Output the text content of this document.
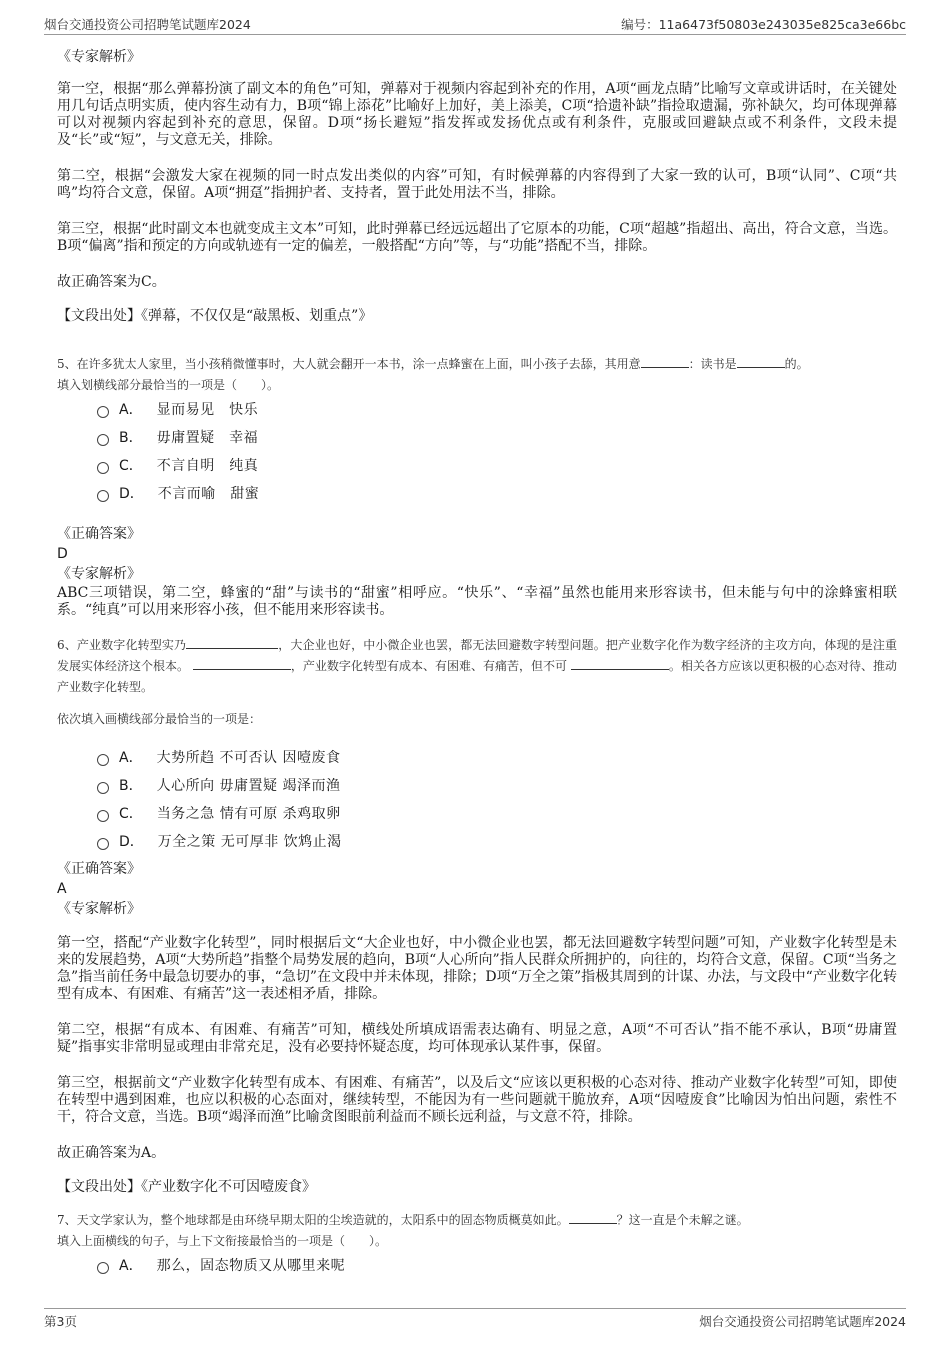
烟台交通投资公司招聘笔试题库2024	编号：11a6473f50803e243035e825ca3e66bc
《专家解析》
第一空，根据“那么弹幕扮演了副文本的角色”可知，弹幕对于视频内容起到补充的作用，A项“画龙点睛”比喻写文章或讲话时，在关键处用几句话点明实质，使内容生动有力，B项“锦上添花”比喻好上加好，美上添美，C项“拾遗补缺”指捡取遗漏，弥补缺欠，均可体现弹幕可以对视频内容起到补充的意思，保留。D项“扬长避短”指发挥或发扬优点或有利条件，克服或回避缺点或不利条件，文段未提及“长”或“短”，与文意无关，排除。
第二空，根据“会激发大家在视频的同一时点发出类似的内容”可知，有时候弹幕的内容得到了大家一致的认可，B项“认同”、C项“共鸣”均符合文意，保留。A项“拥趸”指拥护者、支持者，置于此处用法不当，排除。
第三空，根据“此时副文本也就变成主文本”可知，此时弹幕已经远远超出了它原本的功能，C项“超越”指超出、高出，符合文意，当选。B项“偏离”指和预定的方向或轨迹有一定的偏差，一般搭配“方向”等，与“功能”搭配不当，排除。
故正确答案为C。
【文段出处】《弹幕，不仅仅是“敲黑板、划重点”》
5、在许多犹太人家里，当小孩稍微懂事时，大人就会翻开一本书，涂一点蜂蜜在上面，叫小孩子去舔，其用意	：读书是	的。
填入划横线部分最恰当的一项是（　　）。
A． 显而易见　快乐
B． 毋庸置疑　幸福
C． 不言自明　纯真
D． 不言而喻　甜蜜
《正确答案》
D
《专家解析》
ABC三项错误，第二空，蜂蜜的“甜”与读书的“甜蜜”相呼应。“快乐”、“幸福”虽然也能用来形容读书，但未能与句中的涂蜂蜜相联系。“纯真”可以用来形容小孩，但不能用来形容读书。
6、产业数字化转型实乃	，大企业也好，中小微企业也罢，都无法回避数字转型问题。把产业数字化作为数字经济的主攻方向，体现的是注重发展实体经济这个根本。	，产业数字化转型有成本、有困难、有痛苦，但不可	。相关各方应该以更积极的心态对待、推动产业数字化转型。
依次填入画横线部分最恰当的一项是：
A． 大势所趋 不可否认 因噎废食
B． 人心所向 毋庸置疑 竭泽而渔
C． 当务之急 情有可原 杀鸡取卵
D． 万全之策 无可厚非 饮鸩止渴
《正确答案》
A
《专家解析》
第一空，搭配“产业数字化转型”，同时根据后文“大企业也好，中小微企业也罢，都无法回避数字转型问题”可知，产业数字化转型是未来的发展趋势，A项“大势所趋”指整个局势发展的趋向，B项“人心所向”指人民群众所拥护的，向往的，均符合文意，保留。C项“当务之急”指当前任务中最急切要办的事，“急切”在文段中并未体现，排除；D项“万全之策”指极其周到的计谋、办法，与文段中“产业数字化转型有成本、有困难、有痛苦”这一表述相矛盾，排除。
第二空，根据“有成本、有困难、有痛苦”可知，横线处所填成语需表达确有、明显之意，A项“不可否认”指不能不承认，B项“毋庸置疑”指事实非常明显或理由非常充足，没有必要持怀疑态度，均可体现承认某件事，保留。
第三空，根据前文“产业数字化转型有成本、有困难、有痛苦”，以及后文“应该以更积极的心态对待、推动产业数字化转型”可知，即使在转型中遇到困难，也应以积极的心态面对，继续转型，不能因为有一些问题就干脆放弃，A项“因噎废食”比喻因为怕出问题，索性不干，符合文意，当选。B项“竭泽而渔”比喻贪图眼前利益而不顾长远利益，与文意不符，排除。
故正确答案为A。
【文段出处】《产业数字化不可因噎废食》
7、天文学家认为，整个地球都是由环绕早期太阳的尘埃造就的，太阳系中的固态物质概莫如此。	？这一直是个未解之谜。
填入上面横线的句子，与上下文衔接最恰当的一项是（　　）。
A． 那么，固态物质又从哪里来呢
第3页	烟台交通投资公司招聘笔试题库2024
